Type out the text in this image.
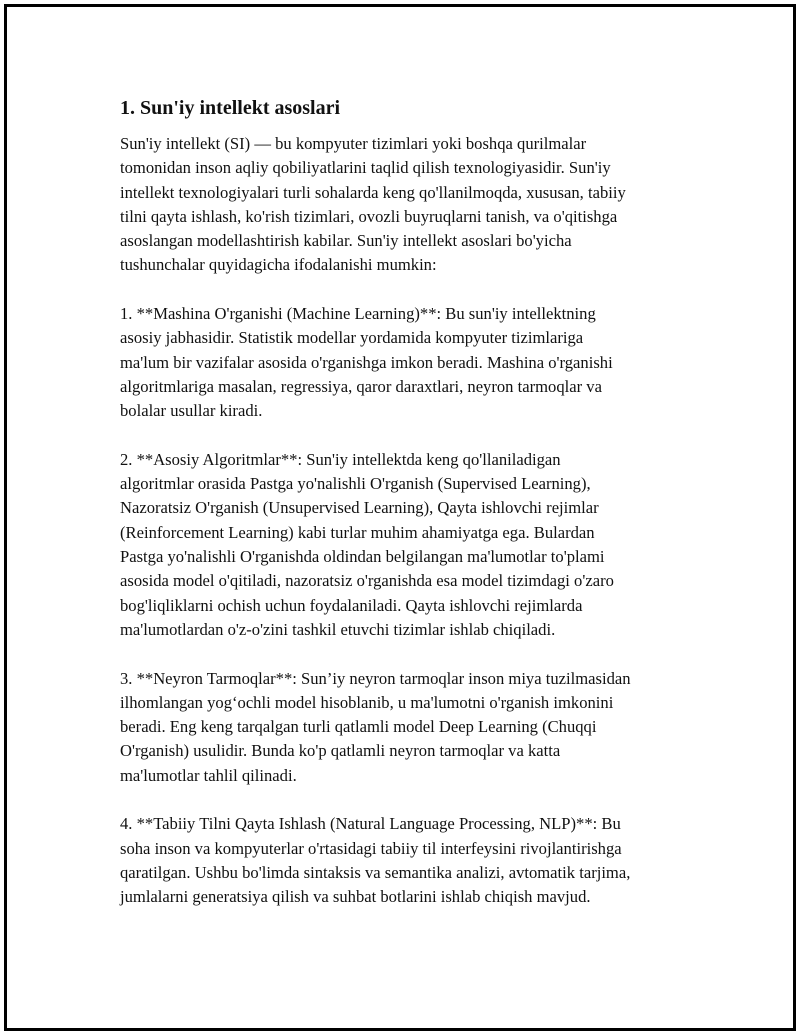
1. Sun'iy intellekt asoslari

Sun'iy intellekt (SI) — bu kompyuter tizimlari yoki boshqa qurilmalar
tomonidan inson aqliy qobiliyatlarini taqlid qilish texnologiyasidir. Sun'iy
intellekt texnologiyalari turli sohalarda keng qo'llanilmoqda, xususan, tabiiy
tilni qayta ishlash, ko'rish tizimlari, ovozli buyruqlarni tanish, va o'qitishga
asoslangan modellashtirish kabilar. Sun'iy intellekt asoslari bo'yicha
tushunchalar quyidagicha ifodalanishi mumkin:

1. **Mashina O'rganishi (Machine Learning)**: Bu sun'iy intellektning
asosiy jabhasidir. Statistik modellar yordamida kompyuter tizimlariga
ma'lum bir vazifalar asosida o'rganishga imkon beradi. Mashina o'rganishi
algoritmlariga masalan, regressiya, qaror daraxtlari, neyron tarmoqlar va
bolalar usullar kiradi.

2. **Asosiy Algoritmlar**: Sun'iy intellektda keng qo'llaniladigan
algoritmlar orasida Pastga yo'nalishli O'rganish (Supervised Learning),
Nazoratsiz O'rganish (Unsupervised Learning), Qayta ishlovchi rejimlar
(Reinforcement Learning) kabi turlar muhim ahamiyatga ega. Bulardan
Pastga yo'nalishli O'rganishda oldindan belgilangan ma'lumotlar to'plami
asosida model o'qitiladi, nazoratsiz o'rganishda esa model tizimdagi o'zaro
bog'liqliklarni ochish uchun foydalaniladi. Qayta ishlovchi rejimlarda
ma'lumotlardan o'z-o'zini tashkil etuvchi tizimlar ishlab chiqiladi.

3. **Neyron Tarmoqlar**: Sun’iy neyron tarmoqlar inson miya tuzilmasidan
ilhomlangan yog‘ochli model hisoblanib, u ma'lumotni o'rganish imkonini
beradi. Eng keng tarqalgan turli qatlamli model Deep Learning (Chuqqi
O'rganish) usulidir. Bunda ko'p qatlamli neyron tarmoqlar va katta
ma'lumotlar tahlil qilinadi.

4. **Tabiiy Tilni Qayta Ishlash (Natural Language Processing, NLP)**: Bu
soha inson va kompyuterlar o'rtasidagi tabiiy til interfeysini rivojlantirishga
qaratilgan. Ushbu bo'limda sintaksis va semantika analizi, avtomatik tarjima,
jumlalarni generatsiya qilish va suhbat botlarini ishlab chiqish mavjud.
